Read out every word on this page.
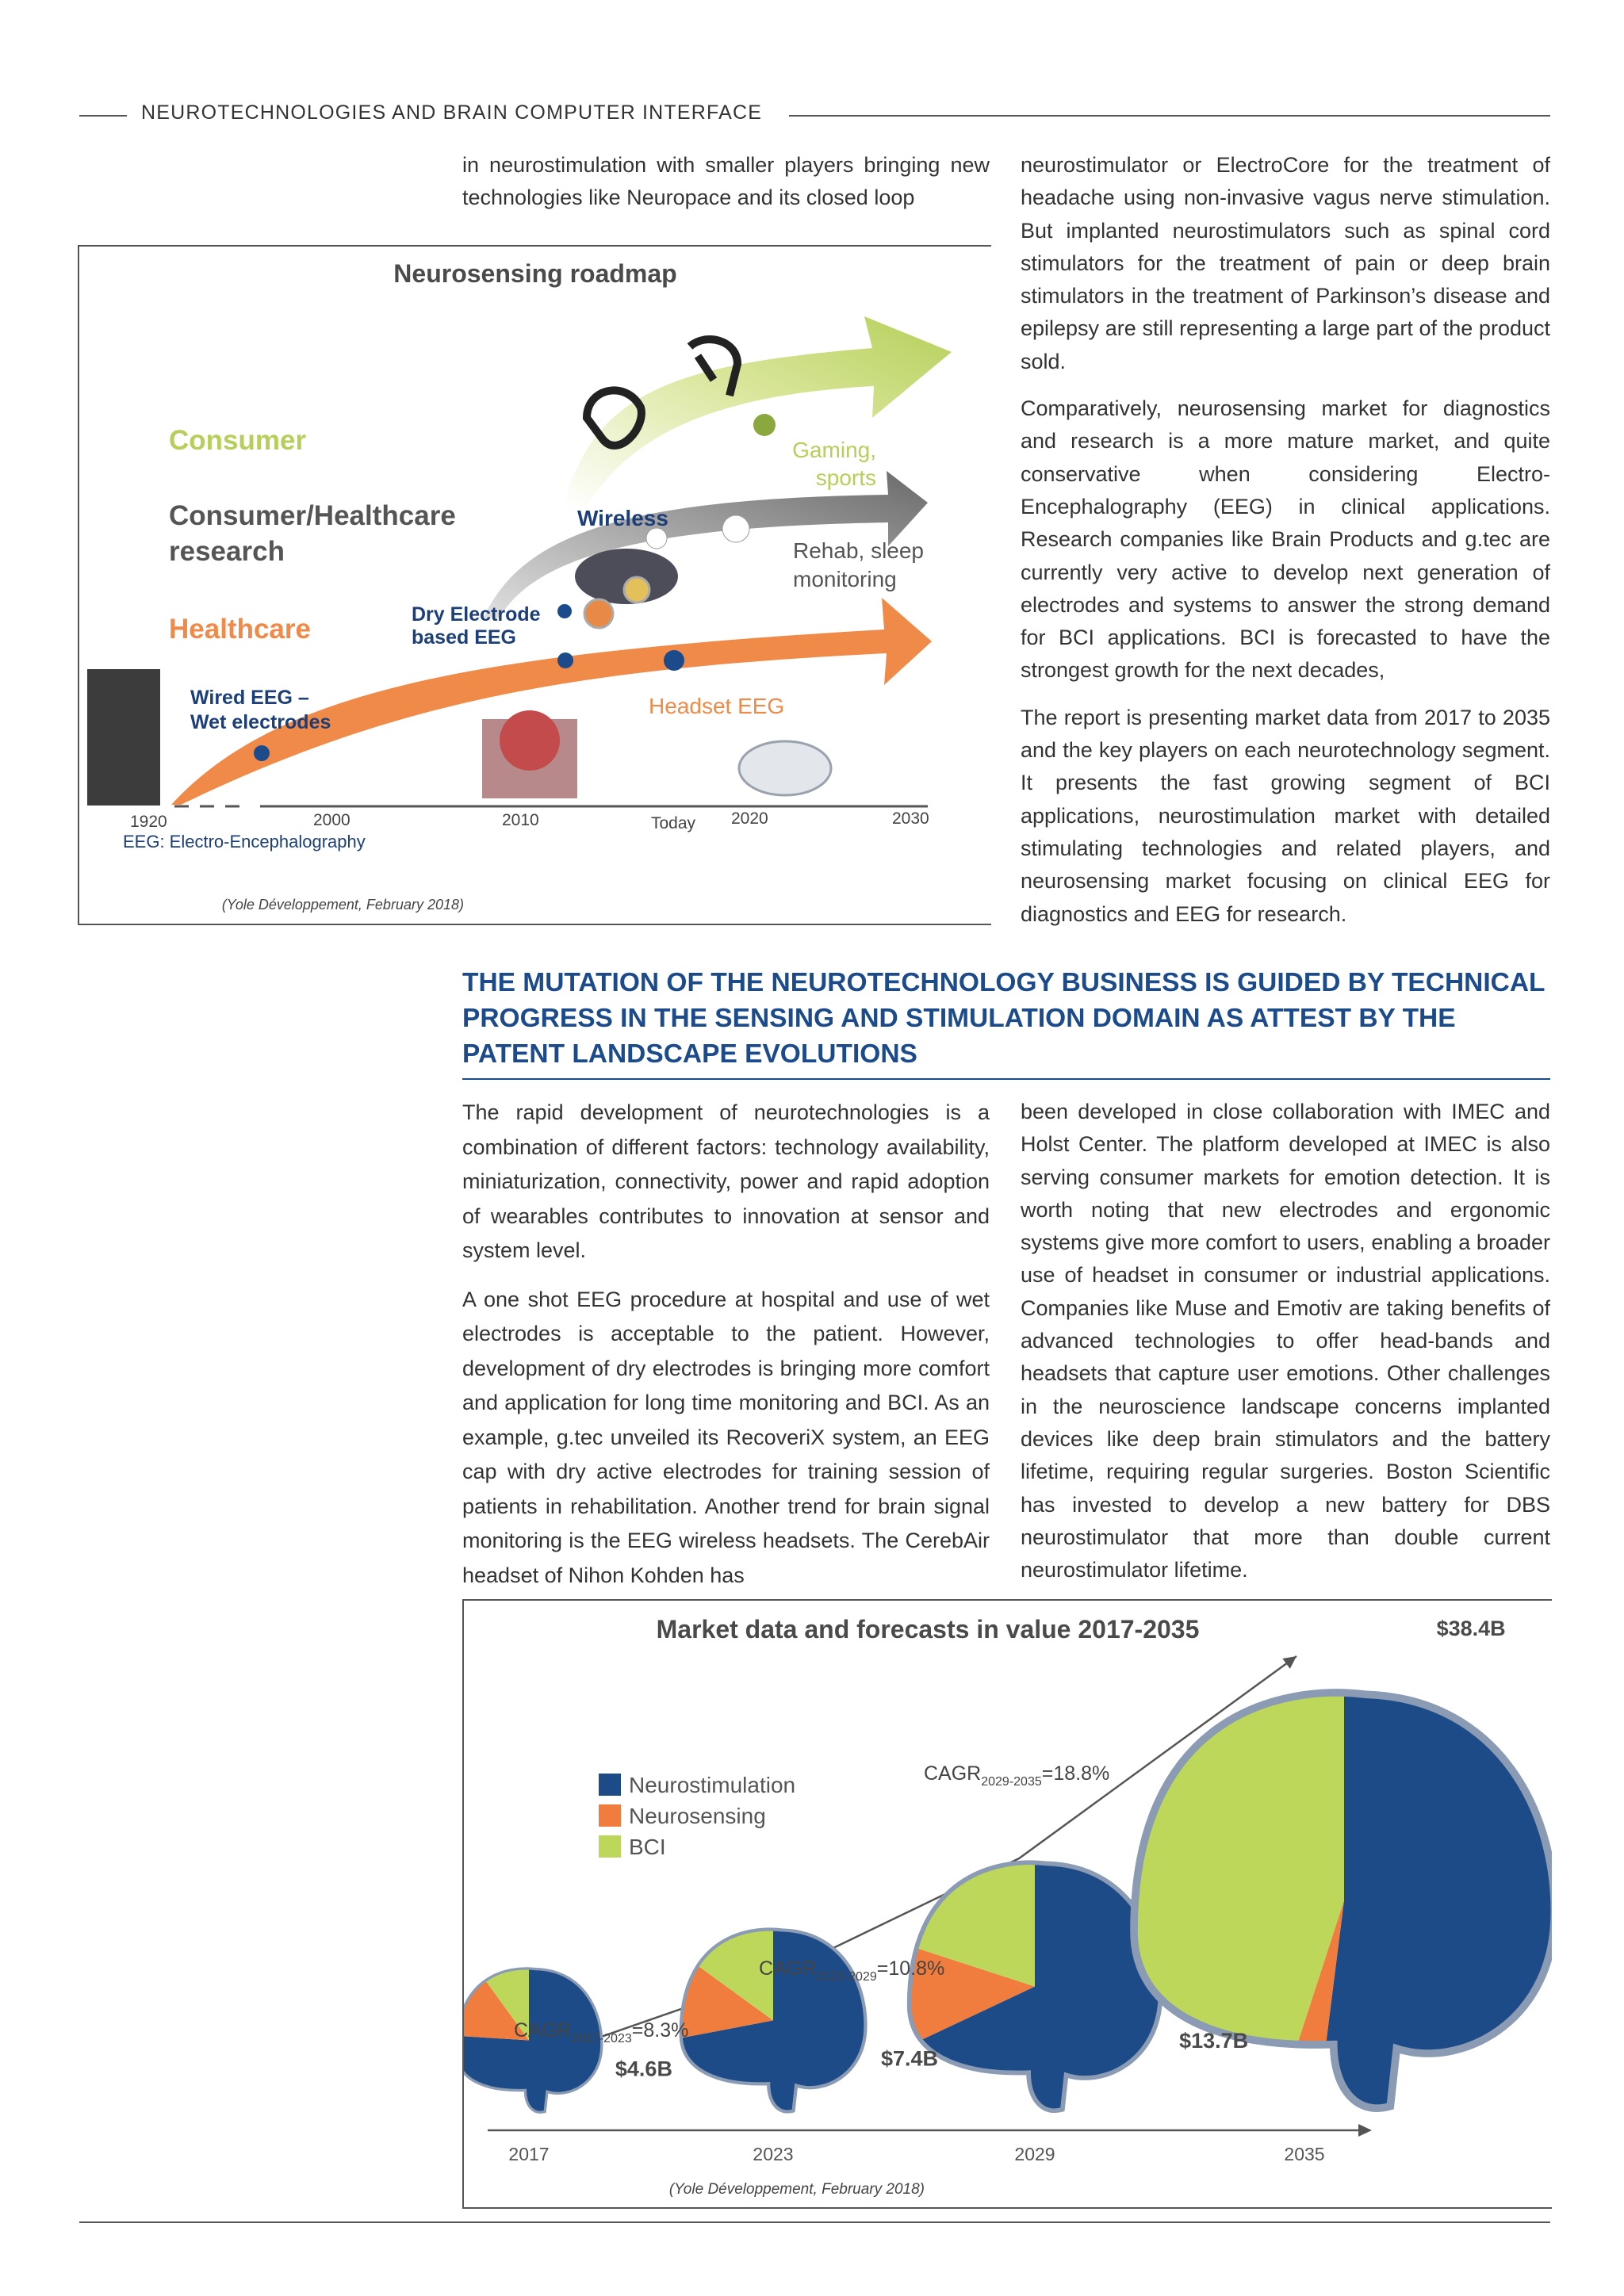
NEUROTECHNOLOGIES AND BRAIN COMPUTER INTERFACE

in neurostimulation with smaller players bringing new technologies like Neuropace and its closed loop

neurostimulator or ElectroCore for the treatment of headache using non-invasive vagus nerve stimulation. But implanted neurostimulators such as spinal cord stimulators for the treatment of pain or deep brain stimulators in the treatment of Parkinson’s disease and epilepsy are still representing a large part of the product sold.

Comparatively, neurosensing market for diagnostics and research is a more mature market, and quite conservative when considering Electro-Encephalography (EEG) in clinical applications. Research companies like Brain Products and g.tec are currently very active to develop next generation of electrodes and systems to answer the strong demand for BCI applications. BCI is forecasted to have the strongest growth for the next decades,

The report is presenting market data from 2017 to 2035 and the key players on each neurotechnology segment. It presents the fast growing segment of BCI applications, neurostimulation market with detailed stimulating technologies and related players, and neurosensing market focusing on clinical EEG for diagnostics and EEG for research.

Neurosensing roadmap
Consumer
Consumer/Healthcare
research
Healthcare
Wired EEG –
Wet electrodes
Dry Electrode
based EEG
Wireless
Gaming,
sports
Rehab, sleep
monitoring
Headset EEG
1920	2000	2010	Today 2020	2030
EEG: Electro-Encephalography
(Yole Développement, February 2018)
THE MUTATION OF THE NEUROTECHNOLOGY BUSINESS IS GUIDED BY TECHNICAL PROGRESS IN THE SENSING AND STIMULATION DOMAIN AS ATTEST BY THE PATENT LANDSCAPE EVOLUTIONS

The rapid development of neurotechnologies is a combination of different factors: technology availability, miniaturization, connectivity, power and rapid adoption of wearables contributes to innovation at sensor and system level.

A one shot EEG procedure at hospital and use of wet electrodes is acceptable to the patient. However, development of dry electrodes is bringing more comfort and application for long time monitoring and BCI. As an example, g.tec unveiled its RecoveriX system, an EEG cap with dry active electrodes for training session of patients in rehabilitation. Another trend for brain signal monitoring is the EEG wireless headsets. The CerebAir headset of Nihon Kohden has

been developed in close collaboration with IMEC and Holst Center. The platform developed at IMEC is also serving consumer markets for emotion detection. It is worth noting that new electrodes and ergonomic systems give more comfort to users, enabling a broader use of headset in consumer or industrial applications. Companies like Muse and Emotiv are taking benefits of advanced technologies to offer head-bands and headsets that capture user emotions. Other challenges in the neuroscience landscape concerns implanted devices like deep brain stimulators and the battery lifetime, requiring regular surgeries. Boston Scientific has invested to develop a new battery for DBS neurostimulator that more than double current neurostimulator lifetime.

Market data and forecasts in value 2017-2035
Neurostimulation
Neurosensing
BCI
$4.6B	$7.4B
$13.7B
$38.4B
$CAGR_{2017-2023}=8.3\%$
$CAGR_{2023-2029}=10.8\%$
$CAGR_{2029-2035}=18.8\%$
2017	2023	2029	2035
(Yole Développement, February 2018)
